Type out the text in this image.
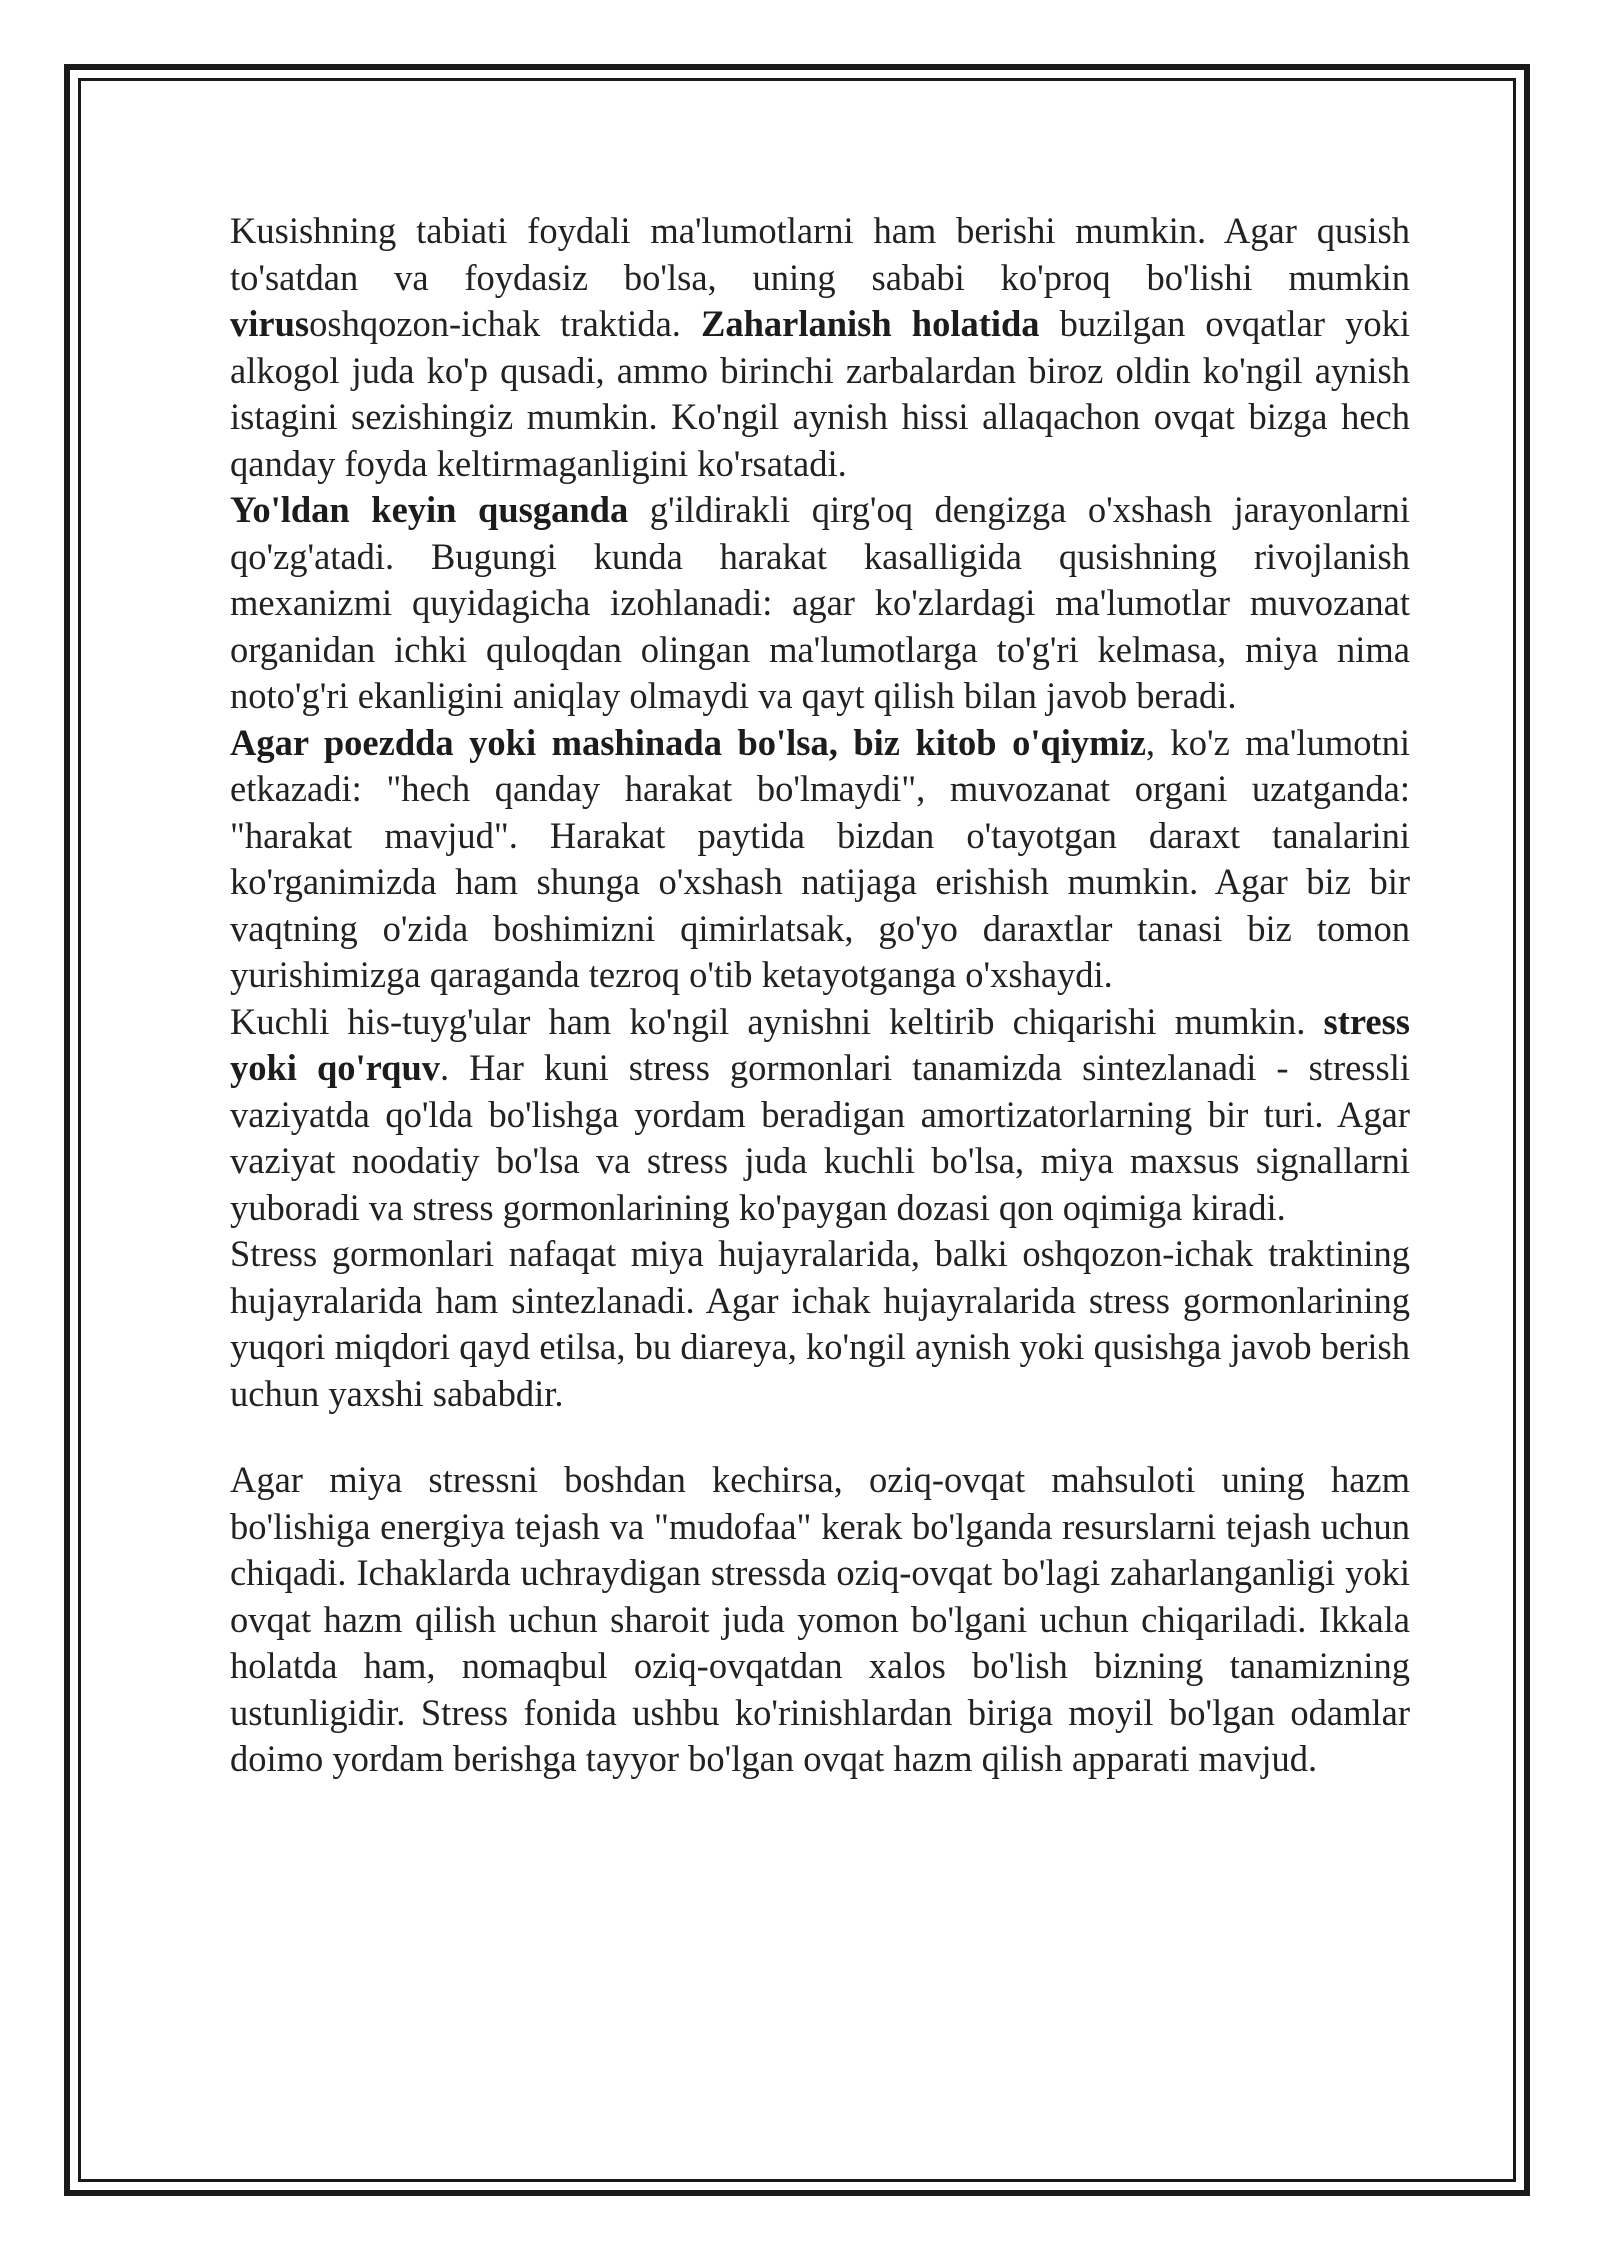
Kusishning tabiati foydali ma'lumotlarni ham berishi mumkin. Agar qusish to'satdan va foydasiz bo'lsa, uning sababi ko'proq bo'lishi mumkin virusoshqozon-ichak traktida. Zaharlanish holatida buzilgan ovqatlar yoki alkogol juda ko'p qusadi, ammo birinchi zarbalardan biroz oldin ko'ngil aynish istagini sezishingiz mumkin. Ko'ngil aynish hissi allaqachon ovqat bizga hech qanday foyda keltirmaganligini ko'rsatadi.

Yo'ldan keyin qusganda g'ildirakli qirg'oq dengizga o'xshash jarayonlarni qo'zg'atadi. Bugungi kunda harakat kasalligida qusishning rivojlanish mexanizmi quyidagicha izohlanadi: agar ko'zlardagi ma'lumotlar muvozanat organidan ichki quloqdan olingan ma'lumotlarga to'g'ri kelmasa, miya nima noto'g'ri ekanligini aniqlay olmaydi va qayt qilish bilan javob beradi.

Agar poezdda yoki mashinada bo'lsa, biz kitob o'qiymiz, ko'z ma'lumotni etkazadi: "hech qanday harakat bo'lmaydi", muvozanat organi uzatganda: "harakat mavjud". Harakat paytida bizdan o'tayotgan daraxt tanalarini ko'rganimizda ham shunga o'xshash natijaga erishish mumkin. Agar biz bir vaqtning o'zida boshimizni qimirlatsak, go'yo daraxtlar tanasi biz tomon yurishimizga qaraganda tezroq o'tib ketayotganga o'xshaydi.

Kuchli his-tuyg'ular ham ko'ngil aynishni keltirib chiqarishi mumkin. stress yoki qo'rquv. Har kuni stress gormonlari tanamizda sintezlanadi - stressli vaziyatda qo'lda bo'lishga yordam beradigan amortizatorlarning bir turi. Agar vaziyat noodatiy bo'lsa va stress juda kuchli bo'lsa, miya maxsus signallarni yuboradi va stress gormonlarining ko'paygan dozasi qon oqimiga kiradi.

Stress gormonlari nafaqat miya hujayralarida, balki oshqozon-ichak traktining hujayralarida ham sintezlanadi. Agar ichak hujayralarida stress gormonlarining yuqori miqdori qayd etilsa, bu diareya, ko'ngil aynish yoki qusishga javob berish uchun yaxshi sababdir.

Agar miya stressni boshdan kechirsa, oziq-ovqat mahsuloti uning hazm bo'lishiga energiya tejash va "mudofaa" kerak bo'lganda resurslarni tejash uchun chiqadi. Ichaklarda uchraydigan stressda oziq-ovqat bo'lagi zaharlanganligi yoki ovqat hazm qilish uchun sharoit juda yomon bo'lgani uchun chiqariladi. Ikkala holatda ham, nomaqbul oziq-ovqatdan xalos bo'lish bizning tanamizning ustunligidir. Stress fonida ushbu ko'rinishlardan biriga moyil bo'lgan odamlar doimo yordam berishga tayyor bo'lgan ovqat hazm qilish apparati mavjud.
